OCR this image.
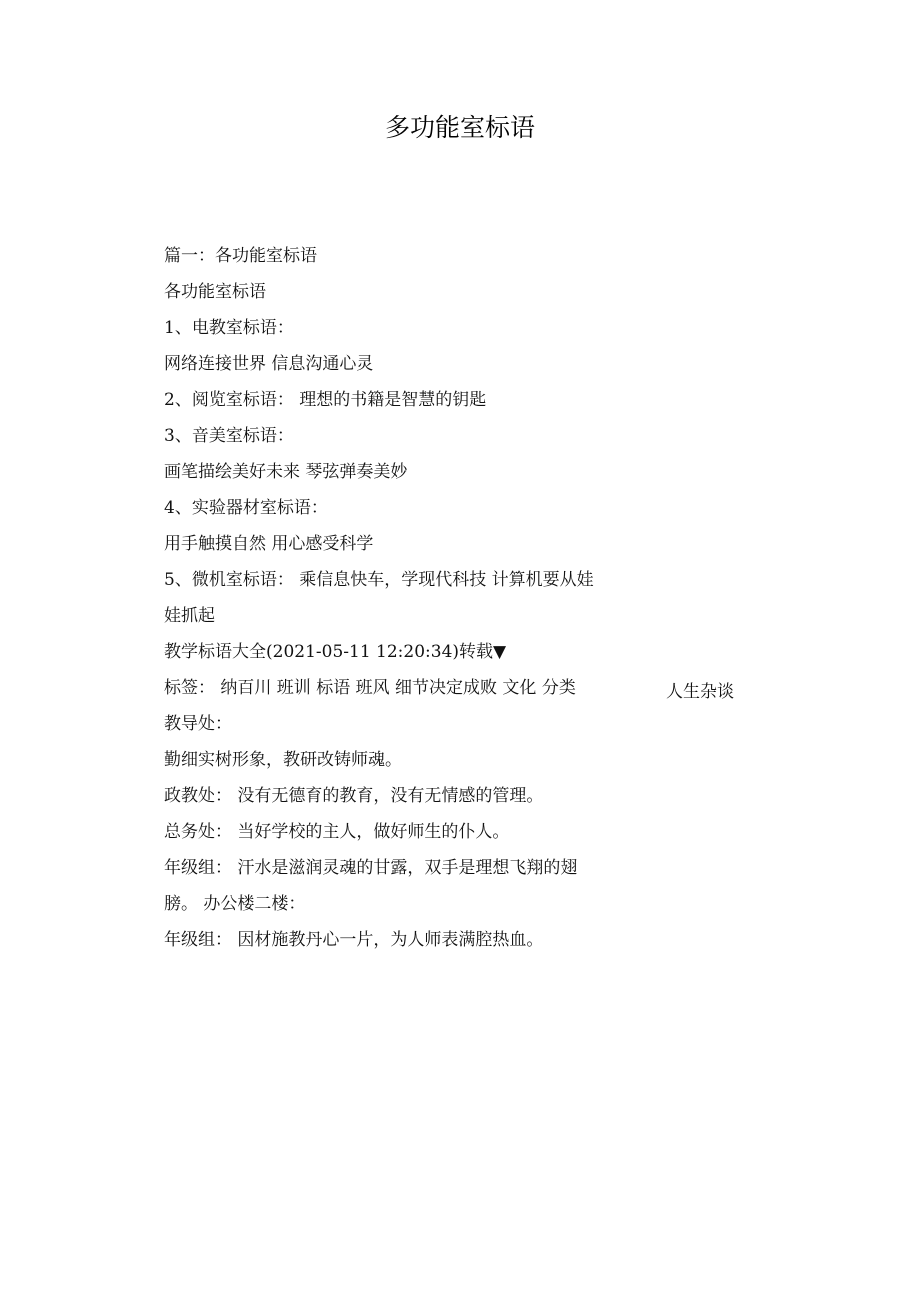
多功能室标语
篇一：各功能室标语
各功能室标语
1、电教室标语：
网络连接世界 信息沟通心灵
2、阅览室标语： 理想的书籍是智慧的钥匙
3、音美室标语：
画笔描绘美好未来 琴弦弹奏美妙
4、实验器材室标语：
用手触摸自然 用心感受科学
5、微机室标语： 乘信息快车，学现代科技 计算机要从娃
娃抓起
教学标语大全(2021-05-11 12:20:34)转载▼
标签： 纳百川 班训 标语 班风 细节决定成败 文化 分类	人生杂谈
教导处：
勤细实树形象，教研改铸师魂。
政教处： 没有无德育的教育，没有无情感的管理。
总务处： 当好学校的主人，做好师生的仆人。
年级组： 汗水是滋润灵魂的甘露，双手是理想飞翔的翅
膀。 办公楼二楼：
年级组： 因材施教丹心一片，为人师表满腔热血。
